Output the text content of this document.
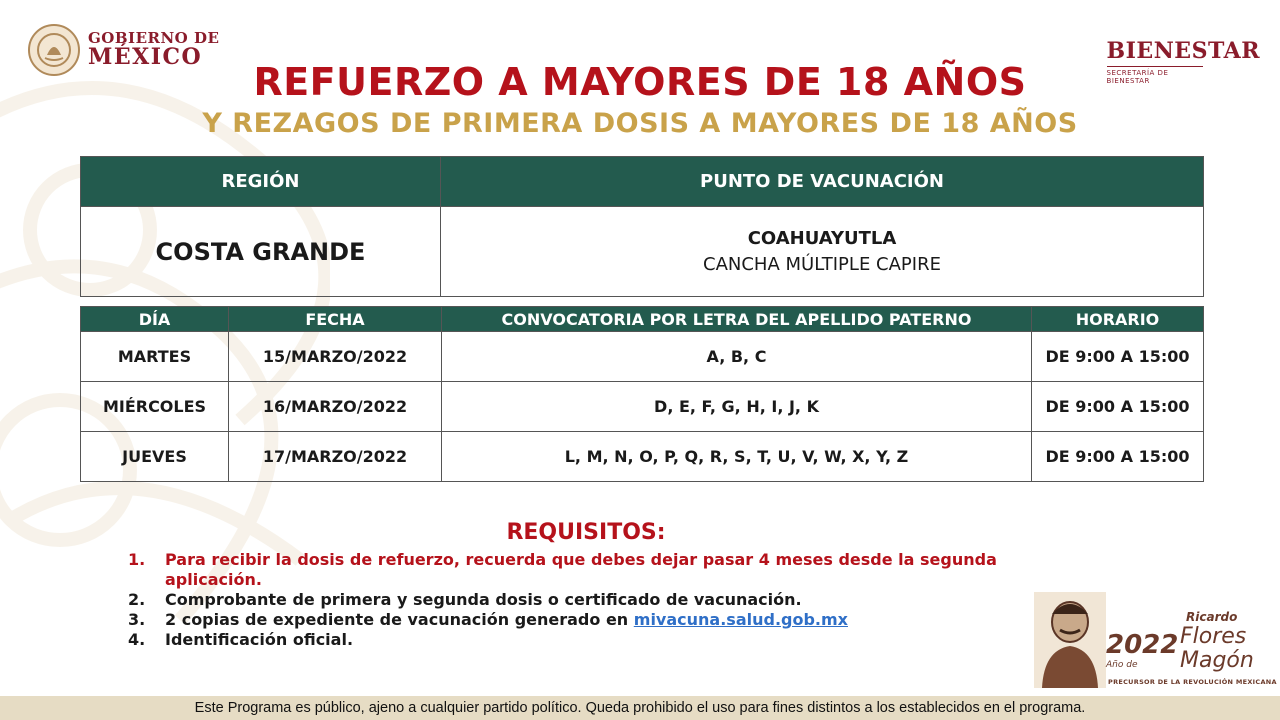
GOBIERNO DE
MÉXICO	BIENESTAR
SECRETARÍA DE BIENESTAR
REFUERZO A MAYORES DE 18 AÑOS
Y REZAGOS DE PRIMERA DOSIS A MAYORES DE 18 AÑOS
REGIÓN	PUNTO DE VACUNACIÓN
COSTA GRANDE	COAHUAYUTLA
CANCHA MÚLTIPLE CAPIRE
DÍA	FECHA	CONVOCATORIA POR LETRA DEL APELLIDO PATERNO	HORARIO
MARTES	15/MARZO/2022	A, B, C	DE 9:00 A 15:00
MIÉRCOLES	16/MARZO/2022	D, E, F, G, H, I, J, K	DE 9:00 A 15:00
JUEVES	17/MARZO/2022	L, M, N, O, P, Q, R, S, T, U, V, W, X, Y, Z	DE 9:00 A 15:00
REQUISITOS:
1.	Para recibir la dosis de refuerzo, recuerda que debes dejar pasar 4 meses desde la segunda aplicación.
2.	Comprobante de primera y segunda dosis o certificado de vacunación.
3.	2 copias de expediente de vacunación generado en mivacuna.salud.gob.mx
4.	Identificación oficial.	2022
Año de
Ricardo
Flores
Magón
PRECURSOR DE LA REVOLUCIÓN MEXICANA
Este Programa es público, ajeno a cualquier partido político. Queda prohibido el uso para fines distintos a los establecidos en el programa.
